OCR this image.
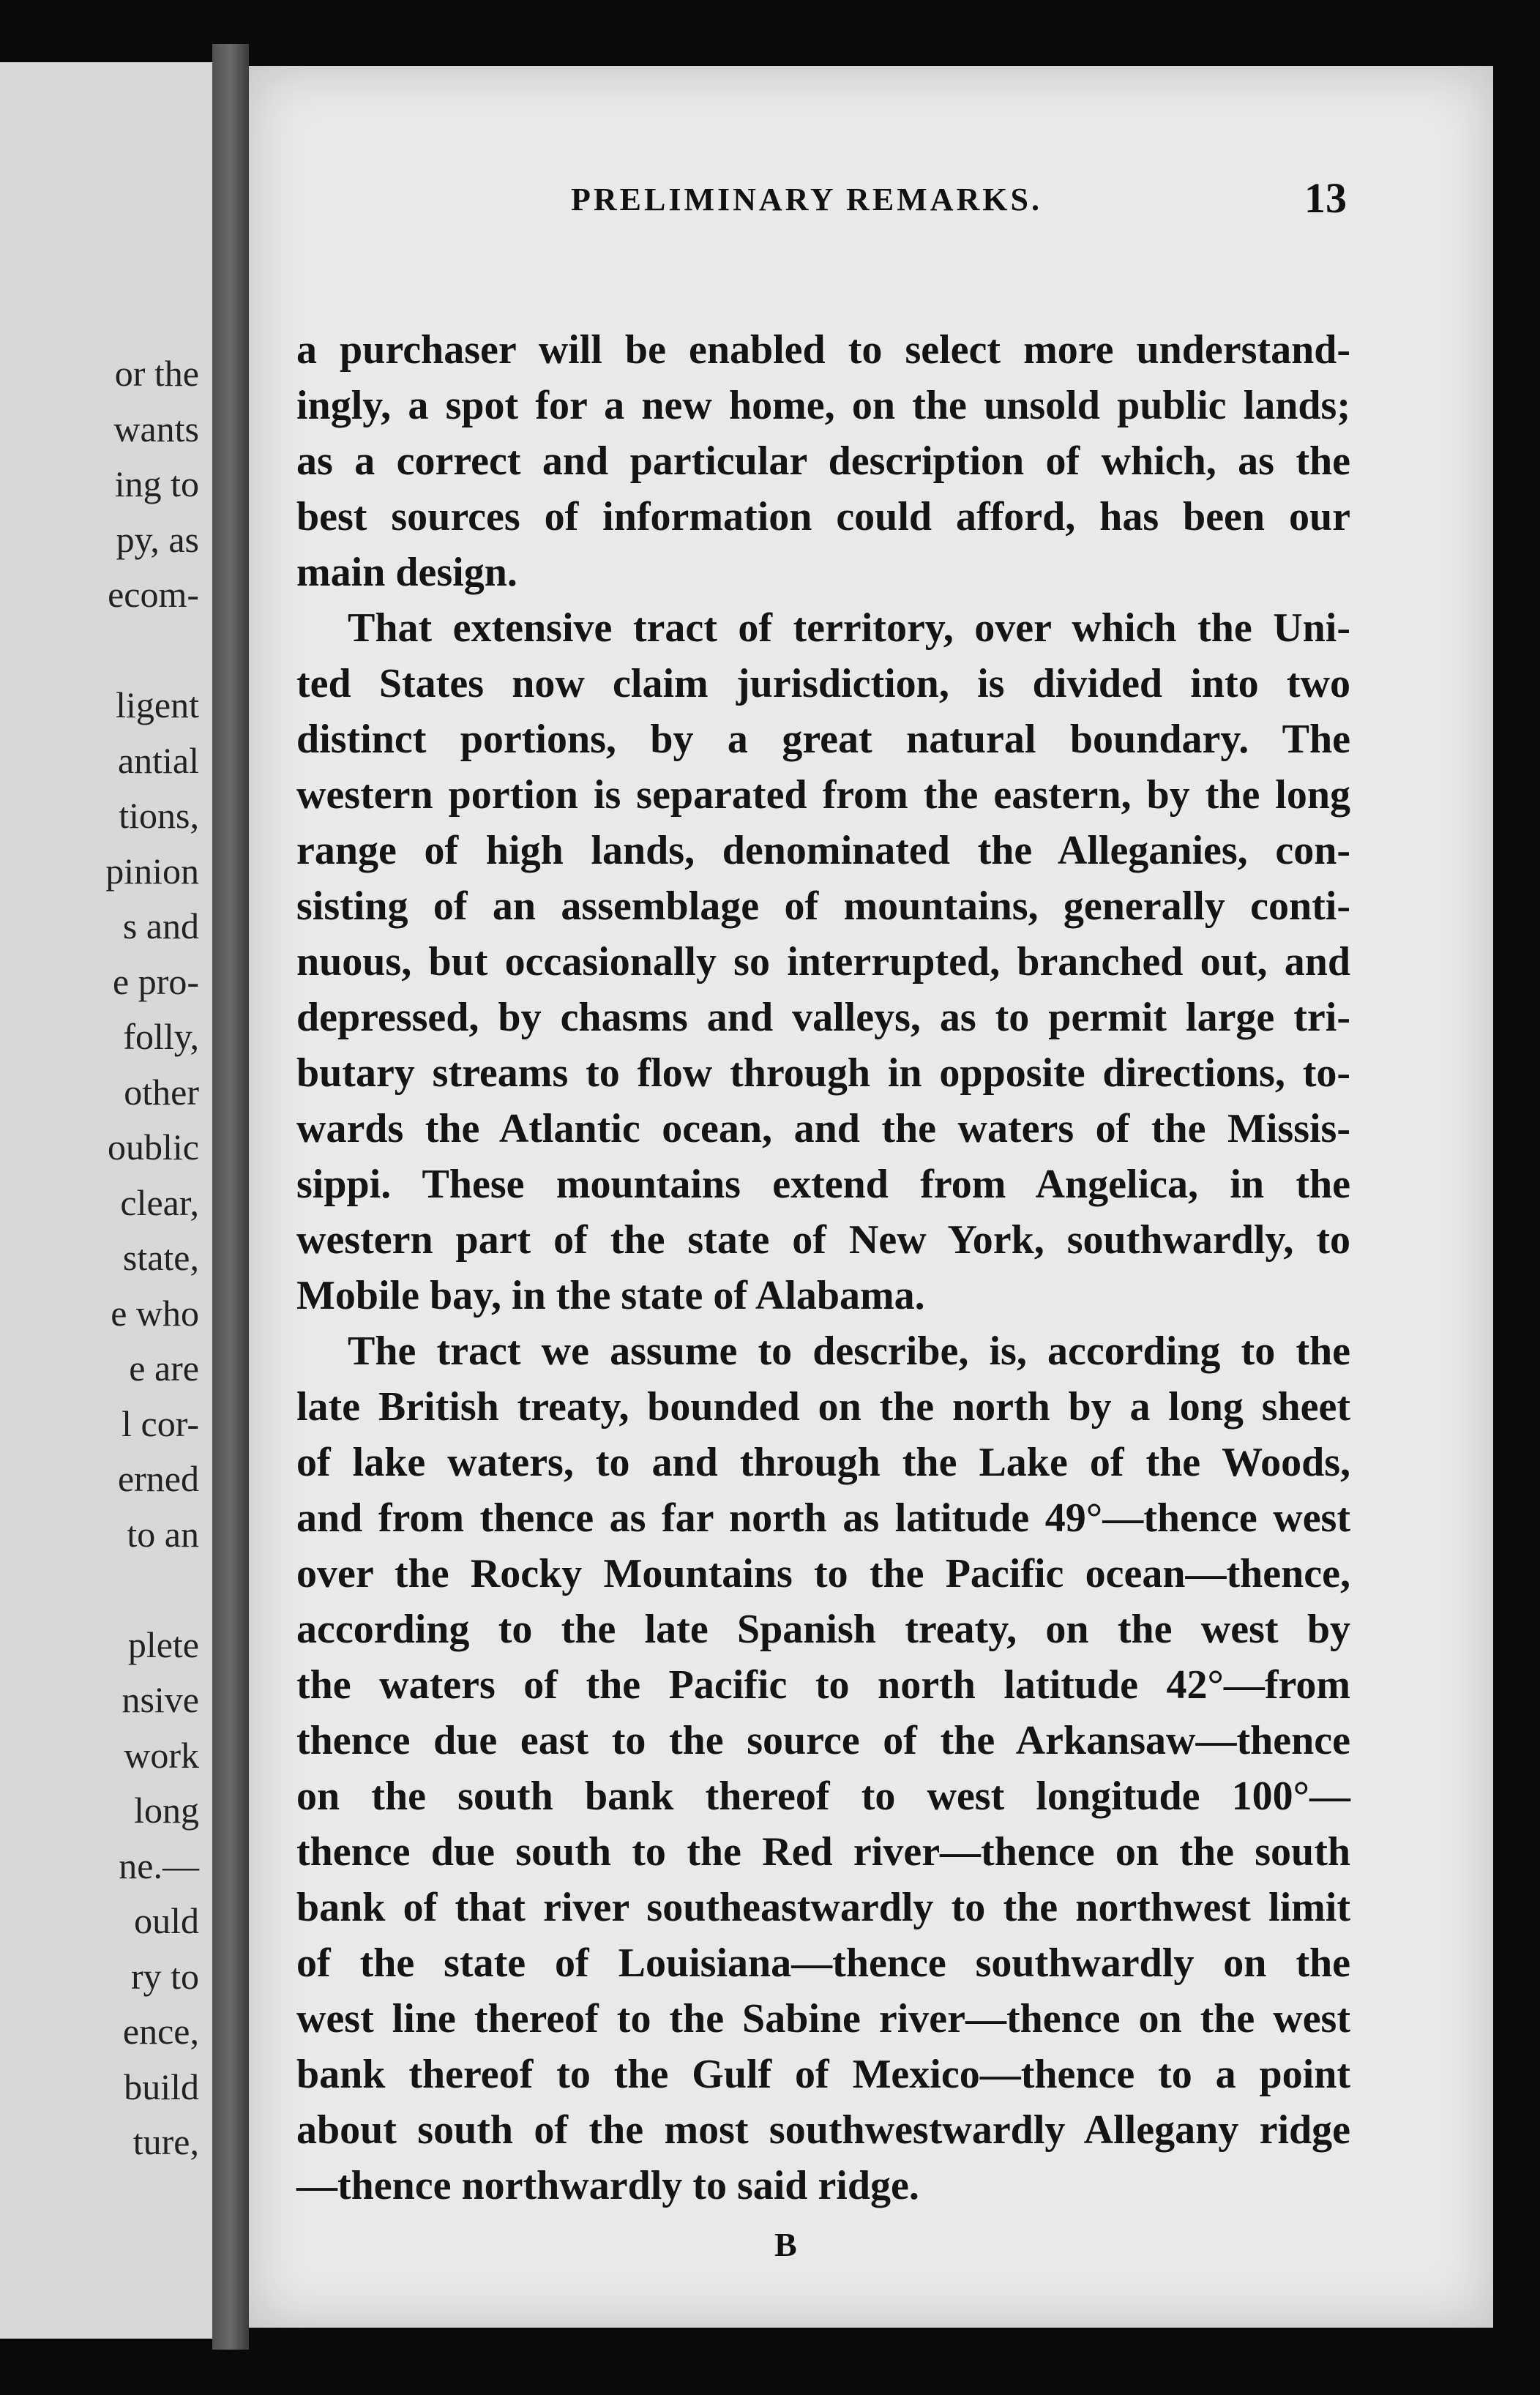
or the
wants
ing to
py, as
ecom-
ligent
antial
tions,
pinion
s and
e pro-
folly,
other
oublic
clear,
state,
e who
e are
l cor-
erned
to an
plete
nsive
work
long
ne.—
ould
ry to
ence,
build
ture,
PRELIMINARY REMARKS.	13
a purchaser will be enabled to select more understand-
ingly, a spot for a new home, on the unsold public lands;
as a correct and particular description of which, as the
best sources of information could afford, has been our
main design.
That extensive tract of territory, over which the Uni-
ted States now claim jurisdiction, is divided into two
distinct portions, by a great natural boundary. The
western portion is separated from the eastern, by the long
range of high lands, denominated the Alleganies, con-
sisting of an assemblage of mountains, generally conti-
nuous, but occasionally so interrupted, branched out, and
depressed, by chasms and valleys, as to permit large tri-
butary streams to flow through in opposite directions, to-
wards the Atlantic ocean, and the waters of the Missis-
sippi. These mountains extend from Angelica, in the
western part of the state of New York, southwardly, to
Mobile bay, in the state of Alabama.
The tract we assume to describe, is, according to the
late British treaty, bounded on the north by a long sheet
of lake waters, to and through the Lake of the Woods,
and from thence as far north as latitude 49°—thence west
over the Rocky Mountains to the Pacific ocean—thence,
according to the late Spanish treaty, on the west by
the waters of the Pacific to north latitude 42°—from
thence due east to the source of the Arkansaw—thence
on the south bank thereof to west longitude 100°—
thence due south to the Red river—thence on the south
bank of that river southeastwardly to the northwest limit
of the state of Louisiana—thence southwardly on the
west line thereof to the Sabine river—thence on the west
bank thereof to the Gulf of Mexico—thence to a point
about south of the most southwestwardly Allegany ridge
—thence northwardly to said ridge.
B
